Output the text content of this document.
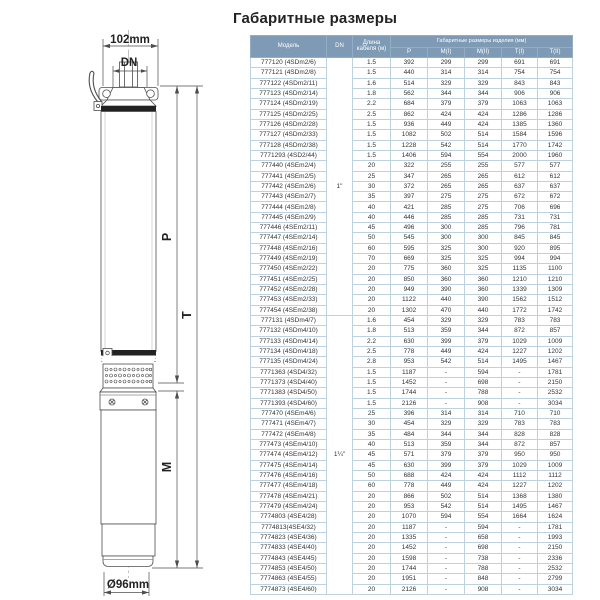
Габаритные размеры
102mm
DN
P
T
M
Ø96mm
Модель	DN	Длина кабеля (м)	Габаритные размеры изделия (мм)				
			P	М(I)	М(II)	T(I)	T(II)
777120 (4SDm2/6)	1"	1.5	392	299	299	691	691
777121 (4SDm2/8)		1.5	440	314	314	754	754
777122 (4SDm2/11)		1.6	514	329	329	843	843
777123 (4SDm2/14)		1.8	562	344	344	906	906
777124 (4SDm2/19)		2.2	684	379	379	1063	1063
777125 (4SDm2/25)		2.5	862	424	424	1286	1286
777126 (4SDm2/28)		1.5	936	449	424	1385	1360
777127 (4SDm2/33)		1.5	1082	502	514	1584	1596
777128 (4SDm2/38)		1.5	1228	542	514	1770	1742
7771293 (4SD2/44)		1.5	1406	594	554	2000	1960
777440 (4SEm2/4)		20	322	255	255	577	577
777441 (4SEm2/5)		25	347	265	265	612	612
777442 (4SEm2/6)		30	372	265	265	637	637
777443 (4SEm2/7)		35	397	275	275	672	672
777444 (4SEm2/8)		40	421	285	275	706	696
777445 (4SEm2/9)		40	446	285	285	731	731
777446 (4SEm2/11)		45	496	300	285	796	781
777447 (4SEm2/14)		50	545	300	300	845	845
777448 (4SEm2/16)		60	595	325	300	920	895
777449 (4SEm2/19)		70	669	325	325	994	994
777450 (4SEm2/22)		20	775	360	325	1135	1100
777451 (4SEm2/25)		20	850	360	360	1210	1210
777452 (4SEm2/28)		20	949	390	360	1339	1309
777453 (4SEm2/33)		20	1122	440	390	1562	1512
777454 (4SEm2/38)		20	1302	470	440	1772	1742
777131 (4SDm4/7)	1¼"	1.6	454	329	329	783	783
777132 (4SDm4/10)		1.8	513	359	344	872	857
777133 (4SDm4/14)		2.2	630	399	379	1029	1009
777134 (4SDm4/18)		2.5	778	449	424	1227	1202
777135 (4SDm4/24)		2.8	953	542	514	1495	1467
7771363 (4SD4/32)		1.5	1187	-	594	-	1781
7771373 (4SD4/40)		1.5	1452	-	698	-	2150
7771383 (4SD4/50)		1.5	1744	-	788	-	2532
7771393 (4SD4/60)		1.5	2126	-	908	-	3034
777470 (4SEm4/6)		25	396	314	314	710	710
777471 (4SEm4/7)		30	454	329	329	783	783
777472 (4SEm4/8)		35	484	344	344	828	828
777473 (4SEm4/10)		40	513	359	344	872	857
777474 (4SEm4/12)		45	571	379	379	950	950
777475 (4SEm4/14)		45	630	399	379	1029	1009
777476 (4SEm4/16)		50	688	424	424	1112	1112
777477 (4SEm4/18)		60	778	449	424	1227	1202
777478 (4SEm4/21)		20	866	502	514	1368	1380
777479 (4SEm4/24)		20	953	542	514	1495	1467
7774803 (4SE4/28)		20	1070	594	554	1664	1624
7774813(4SE4/32)		20	1187	-	594	-	1781
7774823 (4SE4/36)		20	1335	-	658	-	1993
7774833 (4SE4/40)		20	1452	-	698	-	2150
7774843 (4SE4/45)		20	1598	-	738	-	2336
7774853 (4SE4/50)		20	1744	-	788	-	2532
7774863 (4SE4/55)		20	1951	-	848	-	2799
7774873 (4SE4/60)		20	2126	-	908	-	3034
